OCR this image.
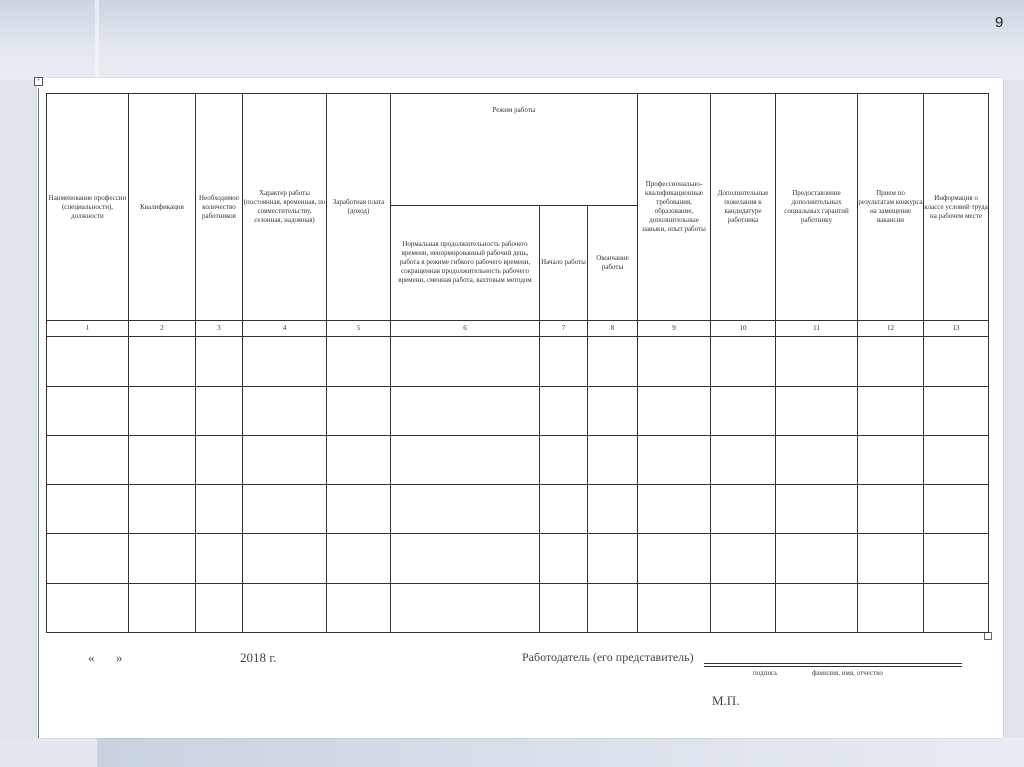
9
+
Наименование профессии (специальности), должности	Квалификация	Необходимое количество работников	Характер работы (постоянная, временная, по совместительству, сезонная, надомная)	Заработная плата (доход)	Режим работы			Профессионально-квалификационные требования, образование, дополнительные навыки, опыт работы	Дополнительные пожелания к кандидатуре работника	Предоставление дополнительных социальных гарантий работнику	Прием по результатам конкурса на замещение вакансии	Информация о классе условий труда на рабочем месте
					Нормальная продолжительность рабочего времени, ненормированный рабочий день, работа в режиме гибкого рабочего времени, сокращенная продолжительность рабочего времени, сменная работа, вахтовым методом	Начало работы	Окончание работы					
1	2	3	4	5	6	7	8	9	10	11	12	13

« »	2018 г.	Работодатель (его представитель)
подпись	фамилия, имя, отчество
М.П.
